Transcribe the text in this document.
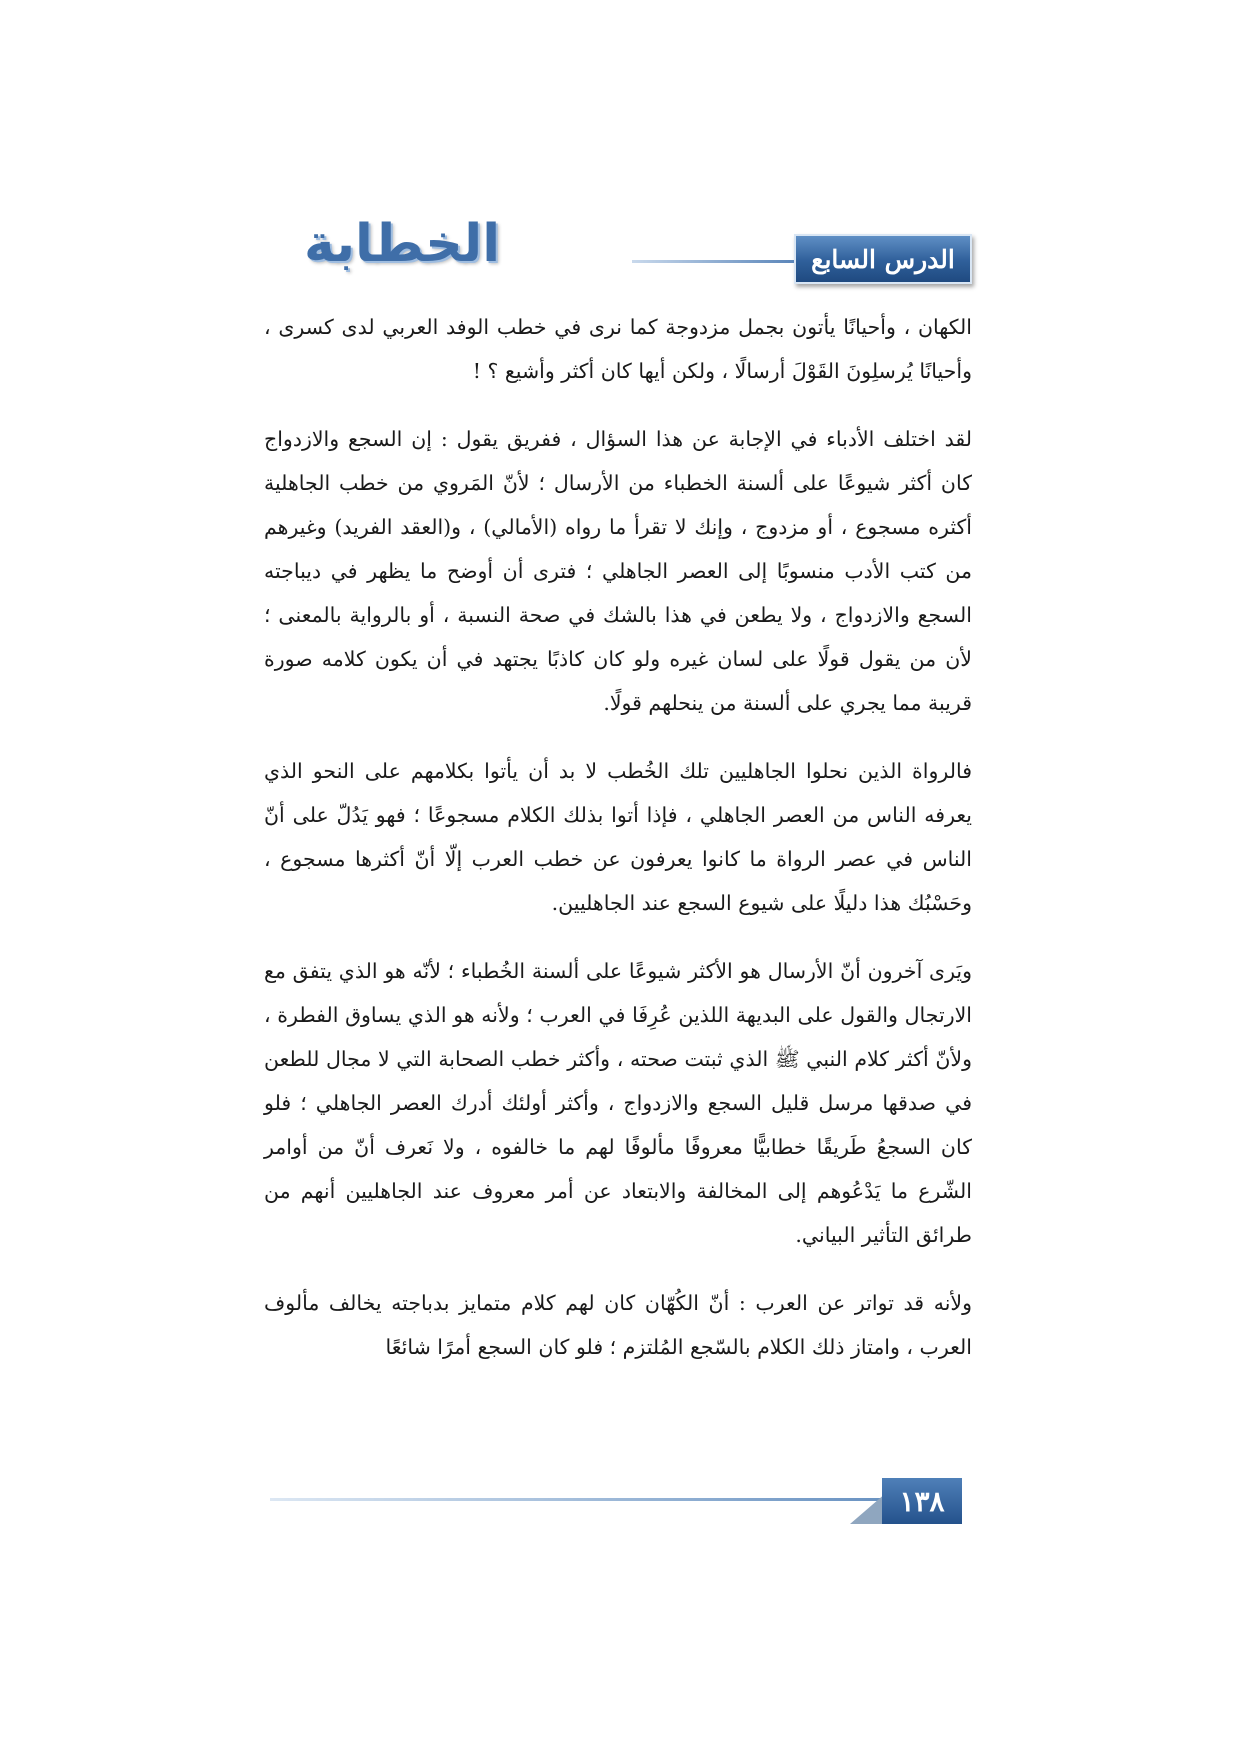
الدرس السابع
الخطابة

الكهان ، وأحيانًا يأتون بجمل مزدوجة كما نرى في خطب الوفد العربي لدى كسرى ، وأحيانًا يُرسلِونَ القَوْلَ أرسالًا ، ولكن أيها كان أكثر وأشيع ؟ !

لقد اختلف الأدباء في الإجابة عن هذا السؤال ، ففريق يقول : إن السجع والازدواج كان أكثر شيوعًا على ألسنة الخطباء من الأرسال ؛ لأنّ المَروي من خطب الجاهلية أكثره مسجوع ، أو مزدوج ، وإنك لا تقرأ ما رواه (الأمالي) ، و(العقد الفريد) وغيرهم من كتب الأدب منسوبًا إلى العصر الجاهلي ؛ فترى أن أوضح ما يظهر في ديباجته السجع والازدواج ، ولا يطعن في هذا بالشك في صحة النسبة ، أو بالرواية بالمعنى ؛ لأن من يقول قولًا على لسان غيره ولو كان كاذبًا يجتهد في أن يكون كلامه صورة قريبة مما يجري على ألسنة من ينحلهم قولًا.

فالرواة الذين نحلوا الجاهليين تلك الخُطب لا بد أن يأتوا بكلامهم على النحو الذي يعرفه الناس من العصر الجاهلي ، فإذا أتوا بذلك الكلام مسجوعًا ؛ فهو يَدُلّ على أنّ الناس في عصر الرواة ما كانوا يعرفون عن خطب العرب إلّا أنّ أكثرها مسجوع ، وحَسْبُك هذا دليلًا على شيوع السجع عند الجاهليين.

ويَرى آخرون أنّ الأرسال هو الأكثر شيوعًا على ألسنة الخُطباء ؛ لأنّه هو الذي يتفق مع الارتجال والقول على البديهة اللذين عُرِفَا في العرب ؛ ولأنه هو الذي يساوق الفطرة ، ولأنّ أكثر كلام النبي ﷺ الذي ثبتت صحته ، وأكثر خطب الصحابة التي لا مجال للطعن في صدقها مرسل قليل السجع والازدواج ، وأكثر أولئك أدرك العصر الجاهلي ؛ فلو كان السجعُ طَريقًا خطابيًّا معروفًا مألوفًا لهم ما خالفوه ، ولا نَعرف أنّ من أوامر الشّرع ما يَدْعُوهم إلى المخالفة والابتعاد عن أمر معروف عند الجاهليين أنهم من طرائق التأثير البياني.

ولأنه قد تواتر عن العرب : أنّ الكُهّان كان لهم كلام متمايز بدباجته يخالف مألوف العرب ، وامتاز ذلك الكلام بالسّجع المُلتزم ؛ فلو كان السجع أمرًا شائعًا

١٣٨
